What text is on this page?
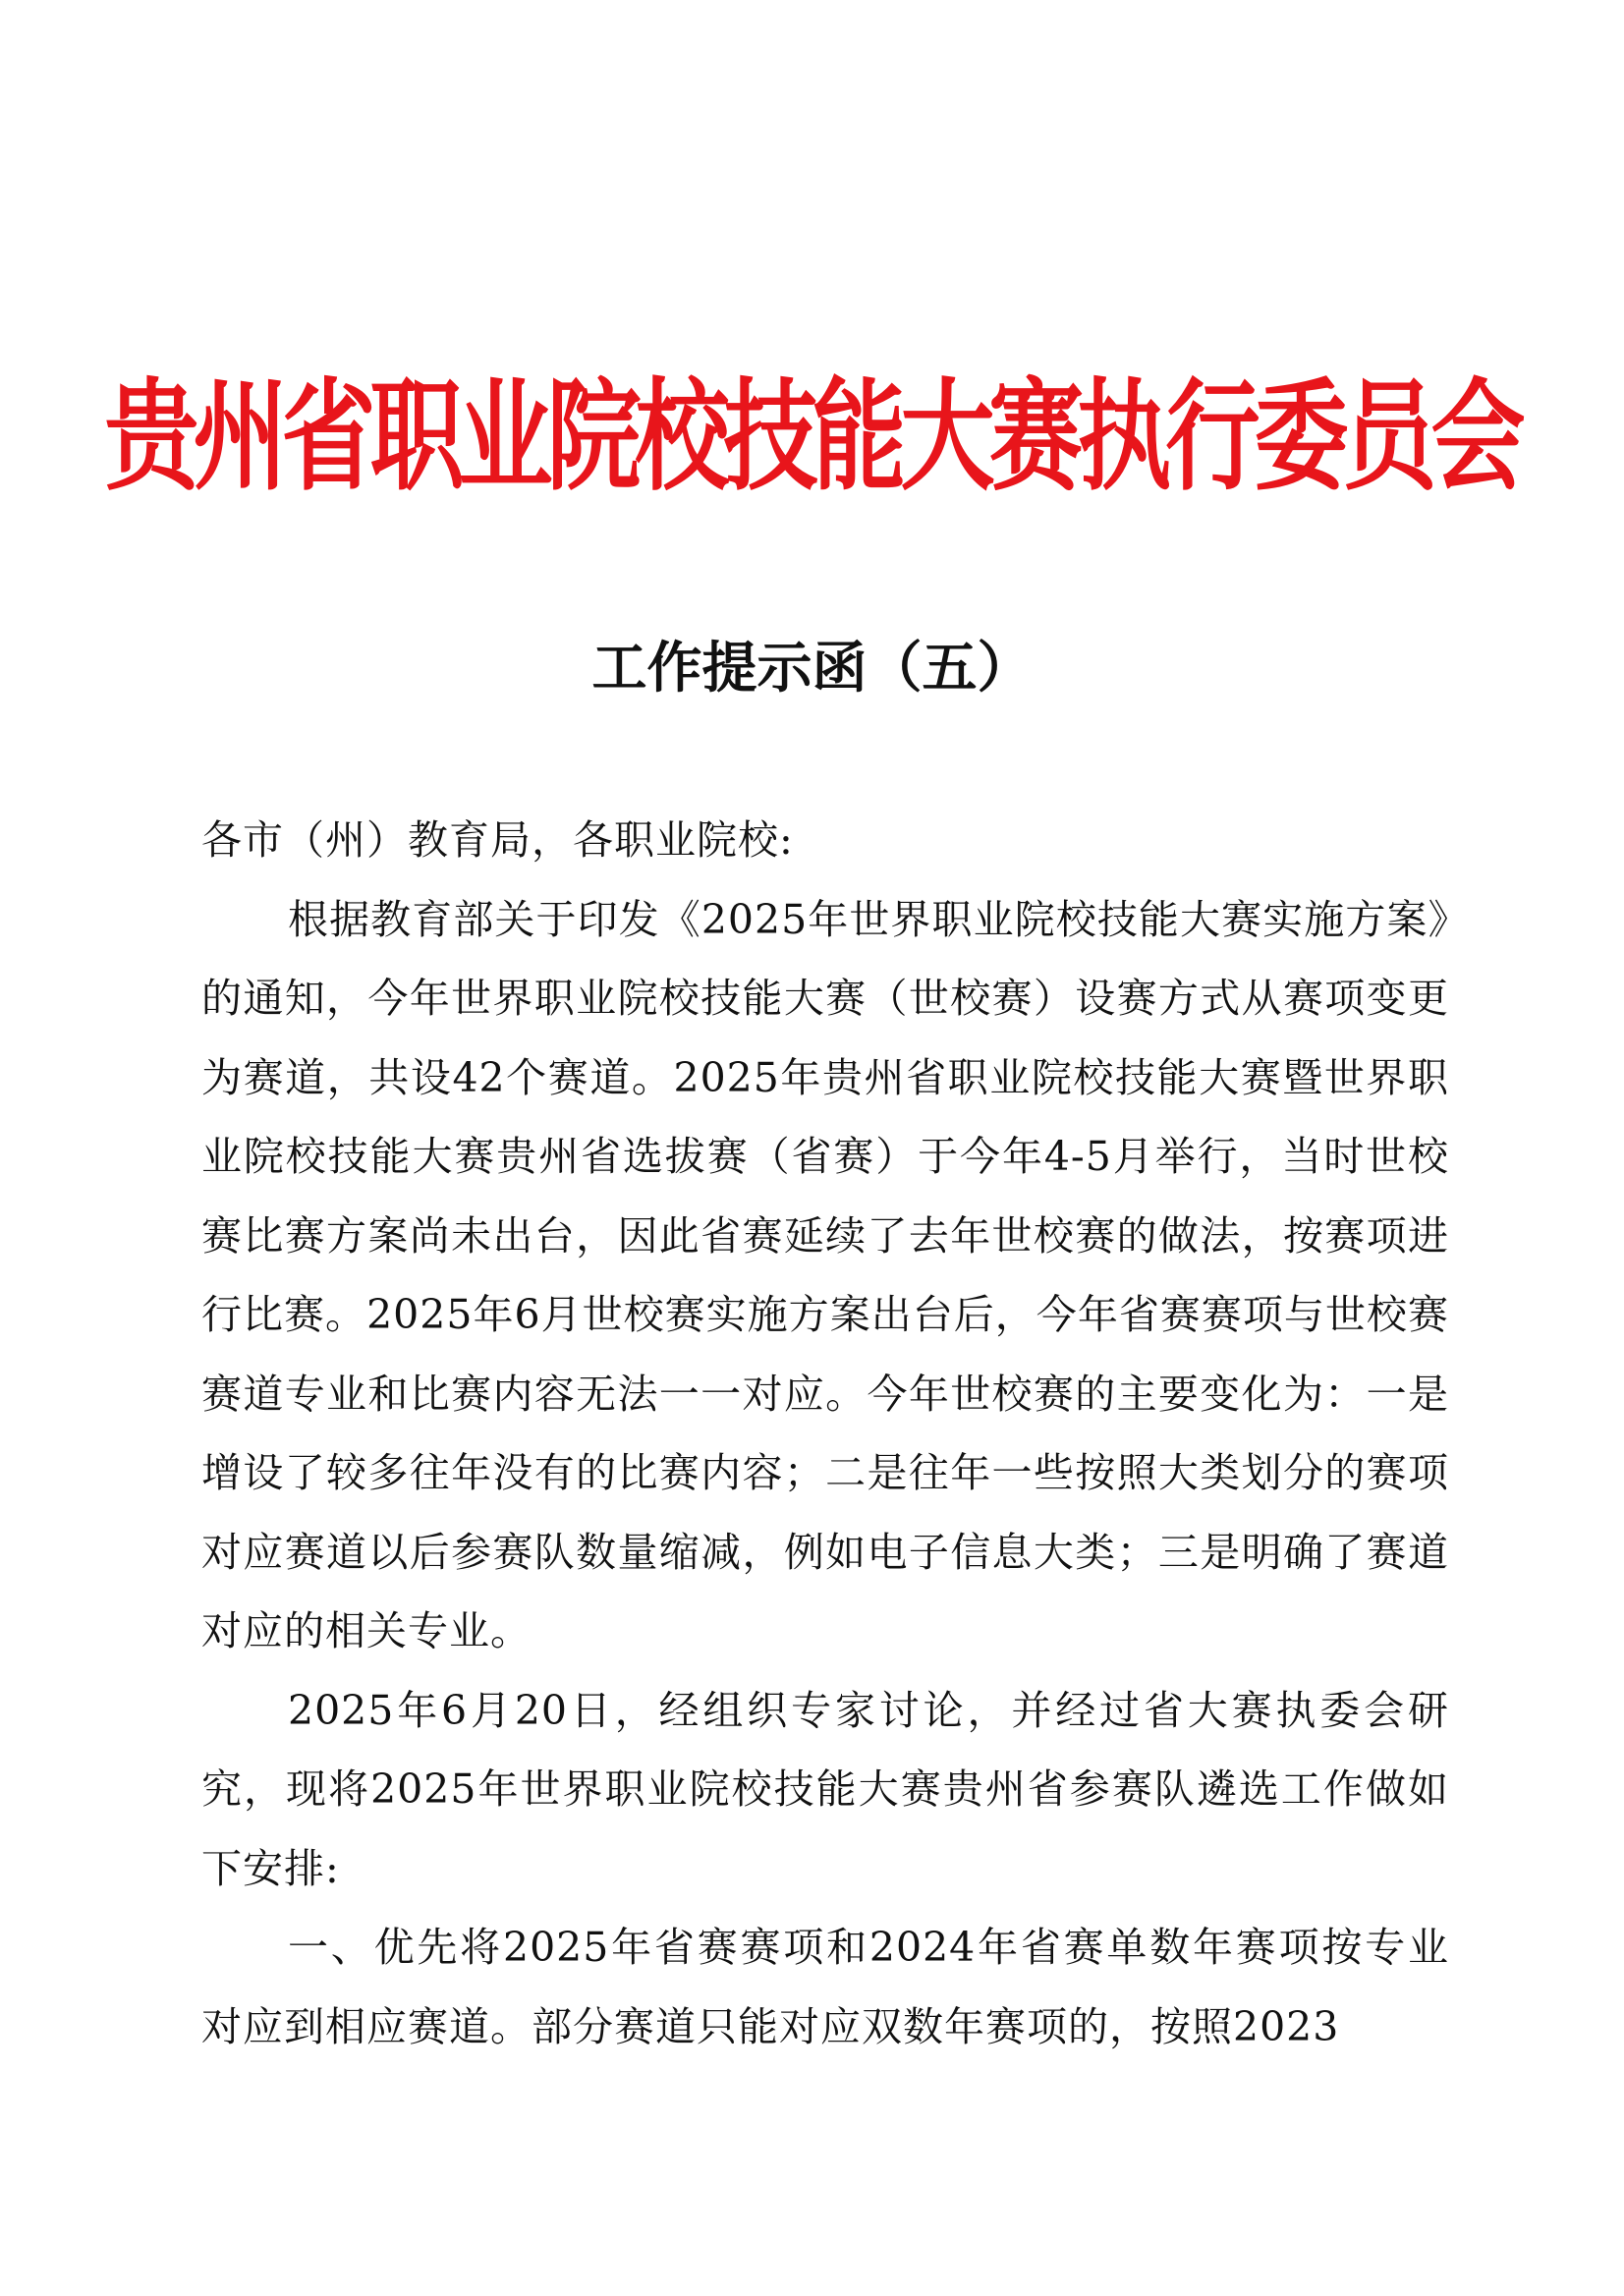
贵州省职业院校技能大赛执行委员会
工作提示函（五）

各市（州）教育局，各职业院校:

根据教育部关于印发《2025年世界职业院校技能大赛实施方案》的通知，今年世界职业院校技能大赛（世校赛）设赛方式从赛项变更为赛道，共设42个赛道。2025年贵州省职业院校技能大赛暨世界职业院校技能大赛贵州省选拔赛（省赛）于今年4-5月举行，当时世校赛比赛方案尚未出台，因此省赛延续了去年世校赛的做法，按赛项进行比赛。2025年6月世校赛实施方案出台后，今年省赛赛项与世校赛赛道专业和比赛内容无法一一对应。今年世校赛的主要变化为：一是增设了较多往年没有的比赛内容；二是往年一些按照大类划分的赛项对应赛道以后参赛队数量缩减，例如电子信息大类；三是明确了赛道对应的相关专业。

2025年6月20日，经组织专家讨论，并经过省大赛执委会研究，现将2025年世界职业院校技能大赛贵州省参赛队遴选工作做如下安排:

一、优先将2025年省赛赛项和2024年省赛单数年赛项按专业对应到相应赛道。部分赛道只能对应双数年赛项的，按照2023
